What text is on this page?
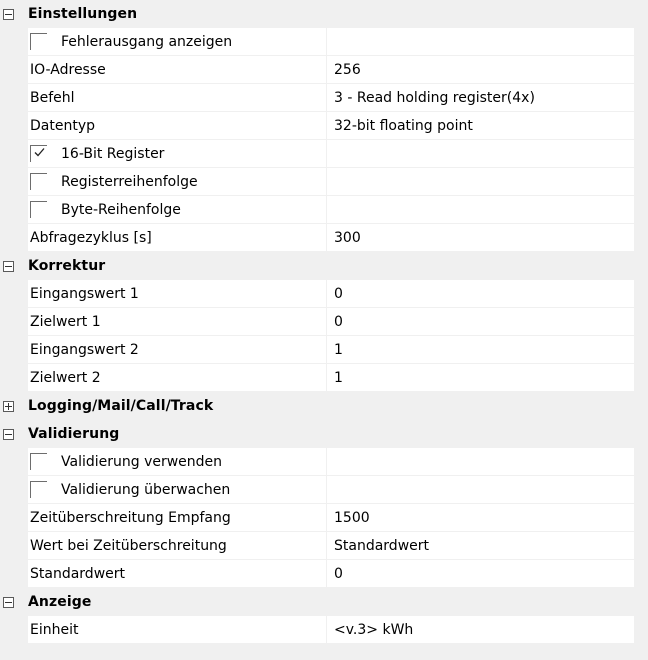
Einstellungen
Fehlerausgang anzeigen
IO-Adresse	256
Befehl	3 - Read holding register(4x)
Datentyp	32-bit floating point
16-Bit Register
Registerreihenfolge
Byte-Reihenfolge
Abfragezyklus [s]	300
Korrektur
Eingangswert 1	0
Zielwert 1	0
Eingangswert 2	1
Zielwert 2	1
Logging/Mail/Call/Track
Validierung
Validierung verwenden
Validierung überwachen
Zeitüberschreitung Empfang	1500
Wert bei Zeitüberschreitung	Standardwert
Standardwert	0
Anzeige
Einheit	<v.3> kWh
